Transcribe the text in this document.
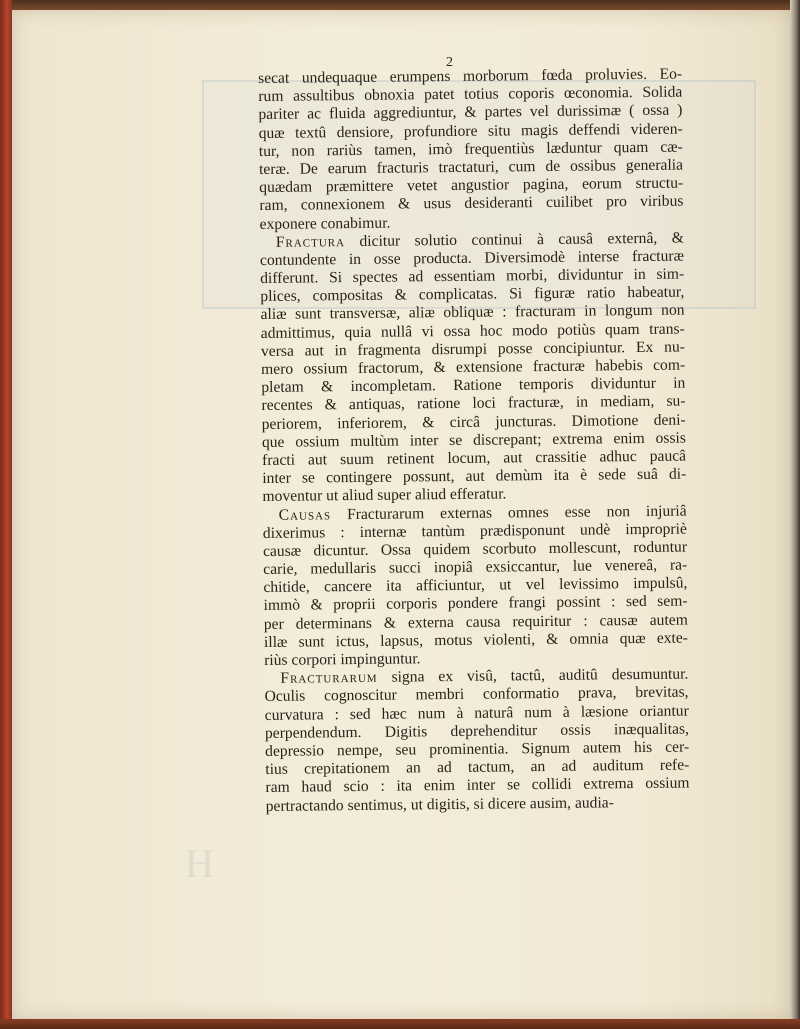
H
2
secat undequaque erumpens morborum fœda proluvies. Eo-
rum assultibus obnoxia patet totius coporis œconomia. Solida
pariter ac fluida aggrediuntur, & partes vel durissimæ ( ossa )
quæ textû densiore, profundiore situ magis deffendi videren-
tur, non rariùs tamen, imò frequentiùs læduntur quam cæ-
teræ. De earum fracturis tractaturi, cum de ossibus generalia
quædam præmittere vetet angustior pagina, eorum structu-
ram, connexionem & usus desideranti cuilibet pro viribus
exponere conabimur.
Fractura dicitur solutio continui à causâ externâ, &
contundente in osse producta. Diversimodè interse fracturæ
differunt. Si spectes ad essentiam morbi, dividuntur in sim-
plices, compositas & complicatas. Si figuræ ratio habeatur,
aliæ sunt transversæ, aliæ obliquæ : fracturam in longum non
admittimus, quia nullâ vi ossa hoc modo potiùs quam trans-
versa aut in fragmenta disrumpi posse concipiuntur. Ex nu-
mero ossium fractorum, & extensione fracturæ habebis com-
pletam & incompletam. Ratione temporis dividuntur in
recentes & antiquas, ratione loci fracturæ, in mediam, su-
periorem, inferiorem, & circâ juncturas. Dimotione deni-
que ossium multùm inter se discrepant; extrema enim ossis
fracti aut suum retinent locum, aut crassitie adhuc paucâ
inter se contingere possunt, aut demùm ita è sede suâ di-
moventur ut aliud super aliud efferatur.
Causas Fracturarum externas omnes esse non injuriâ
dixerimus : internæ tantùm prædisponunt undè impropriè
causæ dicuntur. Ossa quidem scorbuto mollescunt, roduntur
carie, medullaris succi inopiâ exsiccantur, lue venereâ, ra-
chitide, cancere ita afficiuntur, ut vel levissimo impulsû,
immò & proprii corporis pondere frangi possint : sed sem-
per determinans & externa causa requiritur : causæ autem
illæ sunt ictus, lapsus, motus violenti, & omnia quæ exte-
riùs corpori impinguntur.
Fracturarum signa ex visû, tactû, auditû desumuntur.
Oculis cognoscitur membri conformatio prava, brevitas,
curvatura : sed hæc num à naturâ num à læsione oriantur
perpendendum. Digitis deprehenditur ossis inæqualitas,
depressio nempe, seu prominentia. Signum autem his cer-
tius crepitationem an ad tactum, an ad auditum refe-
ram haud scio : ita enim inter se collidi extrema ossium
pertractando sentimus, ut digitis, si dicere ausim, audia-
